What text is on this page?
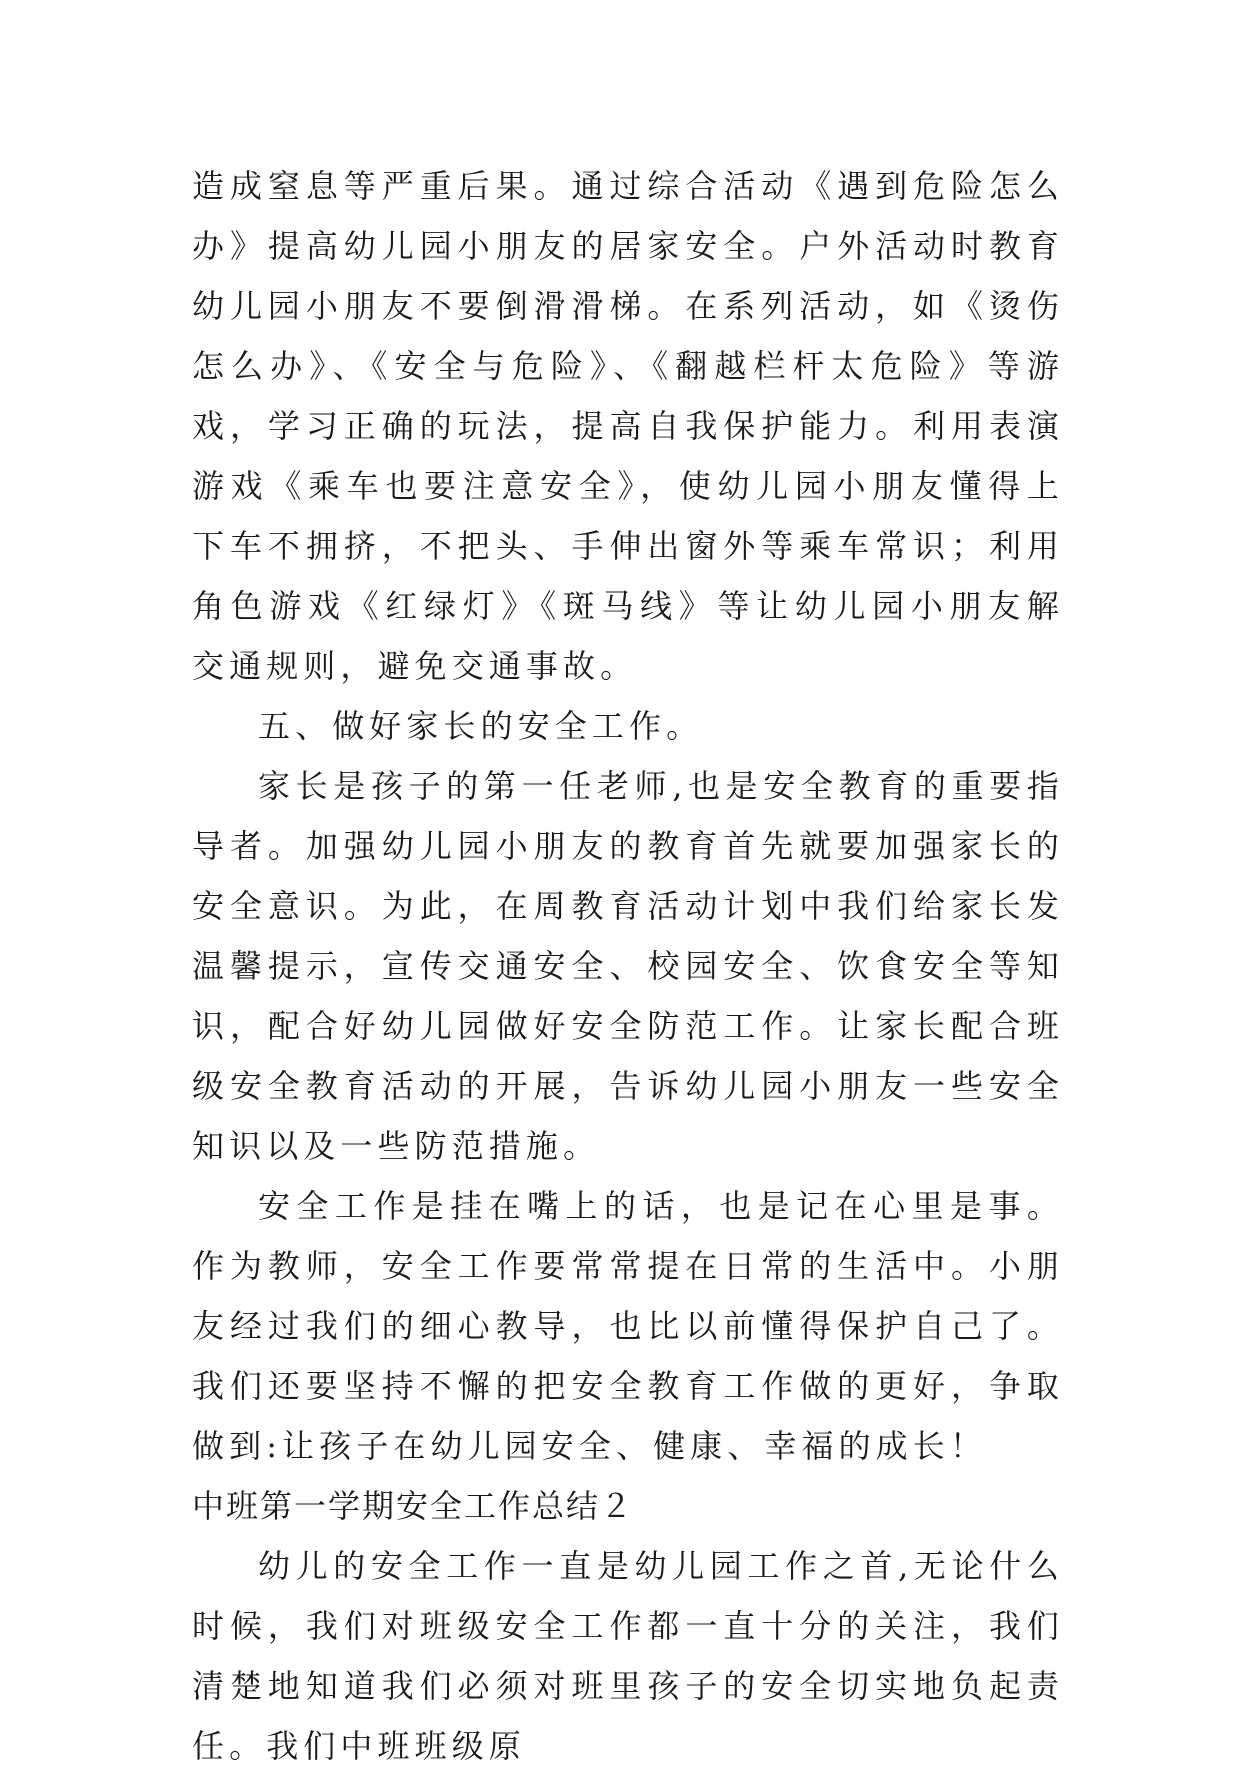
造成窒息等严重后果。通过综合活动《遇到危险怎么办》提高幼儿园小朋友的居家安全。户外活动时教育幼儿园小朋友不要倒滑滑梯。在系列活动，如《烫伤怎么办》、《安全与危险》、《翻越栏杆太危险》等游戏，学习正确的玩法，提高自我保护能力。利用表演游戏《乘车也要注意安全》，使幼儿园小朋友懂得上下车不拥挤，不把头、手伸出窗外等乘车常识；利用角色游戏《红绿灯》《斑马线》等让幼儿园小朋友解交通规则，避免交通事故。

五、做好家长的安全工作。

家长是孩子的第一任老师,也是安全教育的重要指导者。加强幼儿园小朋友的教育首先就要加强家长的安全意识。为此，在周教育活动计划中我们给家长发温馨提示，宣传交通安全、校园安全、饮食安全等知识，配合好幼儿园做好安全防范工作。让家长配合班级安全教育活动的开展，告诉幼儿园小朋友一些安全知识以及一些防范措施。

安全工作是挂在嘴上的话，也是记在心里是事。作为教师，安全工作要常常提在日常的生活中。小朋友经过我们的细心教导，也比以前懂得保护自己了。我们还要坚持不懈的把安全教育工作做的更好，争取做到:让孩子在幼儿园安全、健康、幸福的成长！

中班第一学期安全工作总结２

幼儿的安全工作一直是幼儿园工作之首,无论什么时候，我们对班级安全工作都一直十分的关注，我们清楚地知道我们必须对班里孩子的安全切实地负起责任。我们中班班级原
